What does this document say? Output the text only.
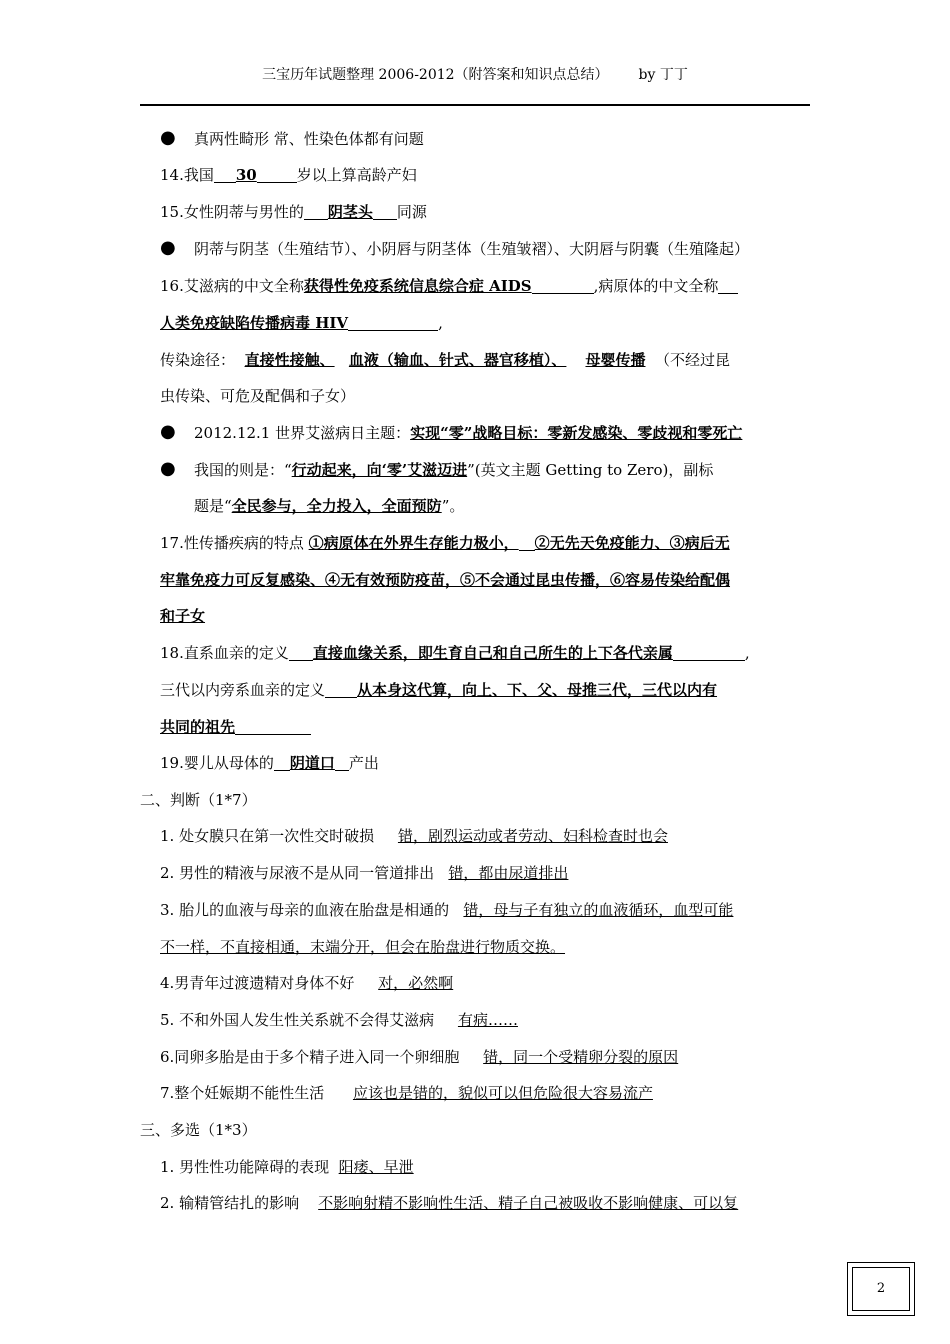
三宝历年试题整理 2006-2012（附答案和知识点总结） by 丁丁
● 真两性畸形 常、性染色体都有问题
14.我国 30	岁以上算高龄产妇
15.女性阴蒂与男性的 阴茎头 同源
● 阴蒂与阴茎（生殖结节）、小阴唇与阴茎体（生殖皱褶）、大阴唇与阴囊（生殖隆起）
16.艾滋病的中文全称获得性免疫系统信息综合症 AIDS	,病原体的中文全称
人类免疫缺陷传播病毒 HIV	,
传染途径： 直接性接触、 血液（输血、针式、器官移植）、 母婴传播 （不经过昆
虫传染、可危及配偶和子女）
● 2012.12.1 世界艾滋病日主题：实现“零”战略目标：零新发感染、零歧视和零死亡
● 我国的则是：“行动起来，向‘零’艾滋迈进”(英文主题 Getting to Zero)，副标
题是“全民参与，全力投入，全面预防”。
17.性传播疾病的特点 ①病原体在外界生存能力极小， ②无先天免疫能力、③病后无
牢靠免疫力可反复感染、④无有效预防疫苗，⑤不会通过昆虫传播，⑥容易传染给配偶
和子女
18.直系血亲的定义 直接血缘关系，即生育自己和自己所生的上下各代亲属	,
三代以内旁系血亲的定义 从本身这代算，向上、下、父、母推三代，三代以内有
共同的祖先
19.婴儿从母体的 阴道口 产出
二、判断（1*7）
1. 处女膜只在第一次性交时破损 错，剧烈运动或者劳动、妇科检查时也会
2. 男性的精液与尿液不是从同一管道排出 错，都由尿道排出
3. 胎儿的血液与母亲的血液在胎盘是相通的 错，母与子有独立的血液循环，血型可能
不一样，不直接相通，末端分开，但会在胎盘进行物质交换。
4.男青年过渡遗精对身体不好 对，必然啊
5. 不和外国人发生性关系就不会得艾滋病 有病……
6.同卵多胎是由于多个精子进入同一个卵细胞 错，同一个受精卵分裂的原因
7.整个妊娠期不能性生活 应该也是错的，貌似可以但危险很大容易流产
三、多选（1*3）
1. 男性性功能障碍的表现 阳痿、早泄
2. 输精管结扎的影响 不影响射精不影响性生活、精子自己被吸收不影响健康、可以复
2
